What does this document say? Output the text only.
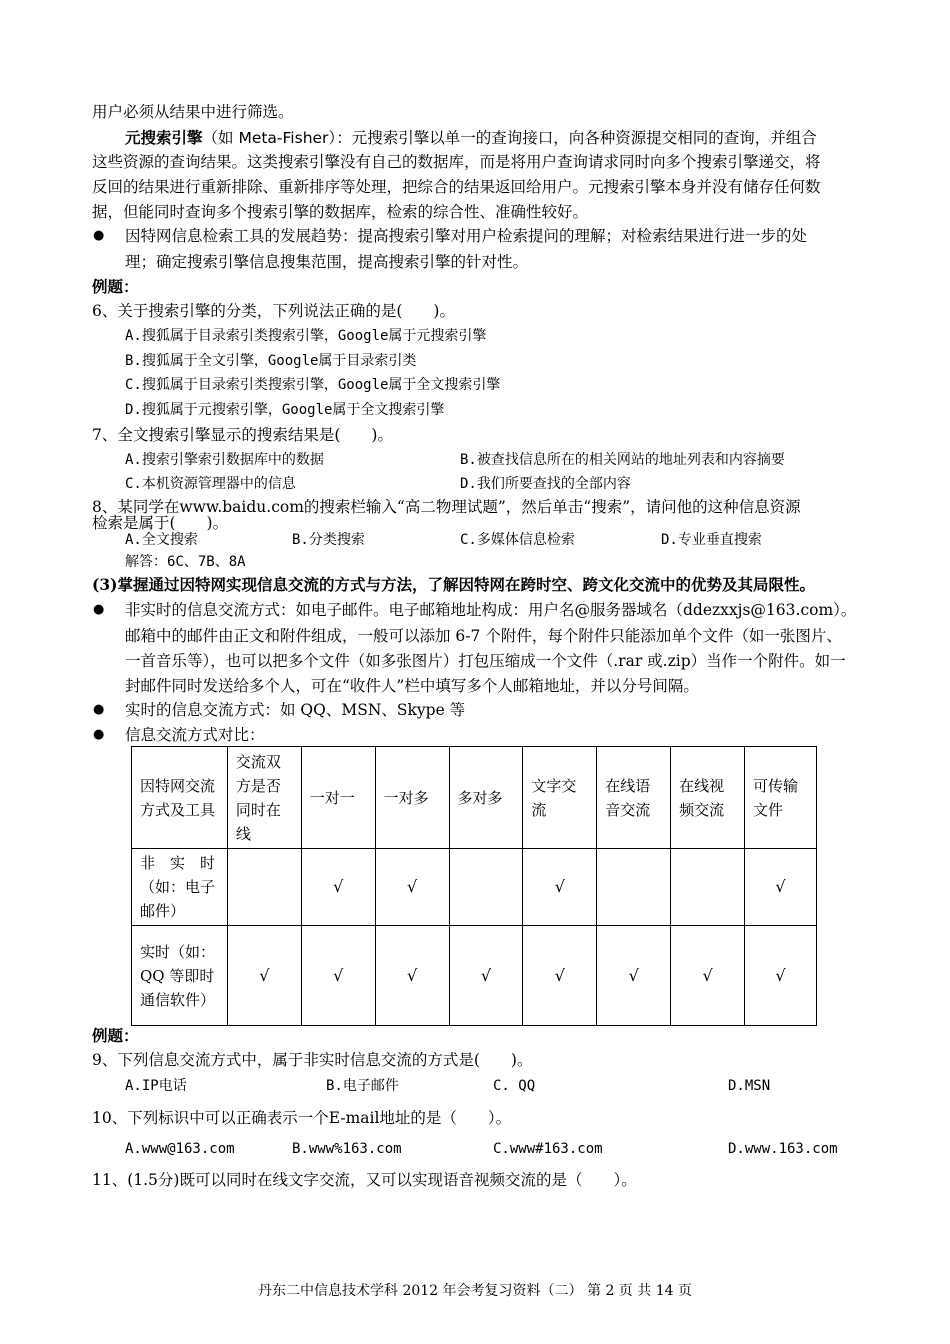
用户必须从结果中进行筛选。
元搜索引擎（如 Meta-Fisher）：元搜索引擎以单一的查询接口，向各种资源提交相同的查询，并组合
这些资源的查询结果。这类搜索引擎没有自己的数据库，而是将用户查询请求同时向多个搜索引擎递交，将
反回的结果进行重新排除、重新排序等处理，把综合的结果返回给用户。元搜索引擎本身并没有储存任何数
据，但能同时查询多个搜索引擎的数据库，检索的综合性、准确性较好。
● 因特网信息检索工具的发展趋势：提高搜索引擎对用户检索提问的理解；对检索结果进行进一步的处
理；确定搜索引擎信息搜集范围，提高搜索引擎的针对性。
例题：
6、关于搜索引擎的分类，下列说法正确的是(　　)。
A.搜狐属于目录索引类搜索引擎，Google属于元搜索引擎
B.搜狐属于全文引擎，Google属于目录索引类
C.搜狐属于目录索引类搜索引擎，Google属于全文搜索引擎
D.搜狐属于元搜索引擎，Google属于全文搜索引擎
7、全文搜索引擎显示的搜索结果是(　　)。
A.搜索引擎索引数据库中的数据	B.被查找信息所在的相关网站的地址列表和内容摘要
C.本机资源管理器中的信息	D.我们所要查找的全部内容
8、某同学在www.baidu.com的搜索栏输入“高二物理试题”，然后单击“搜索”，请问他的这种信息资源
检索是属于(　　)。
A.全文搜索	B.分类搜索	C.多媒体信息检索	D.专业垂直搜索
解答：6C、7B、8A
(3)掌握通过因特网实现信息交流的方式与方法，了解因特网在跨时空、跨文化交流中的优势及其局限性。
● 非实时的信息交流方式：如电子邮件。电子邮箱地址构成：用户名@服务器域名（ddezxxjs@163.com）。
邮箱中的邮件由正文和附件组成，一般可以添加 6-7 个附件，每个附件只能添加单个文件（如一张图片、
一首音乐等），也可以把多个文件（如多张图片）打包压缩成一个文件（.rar 或.zip）当作一个附件。如一
封邮件同时发送给多个人，可在“收件人”栏中填写多个人邮箱地址，并以分号间隔。
● 实时的信息交流方式：如 QQ、MSN、Skype 等
● 信息交流方式对比：
因特网交流方式及工具	交流双方是否同时在线	一对一	一对多	多对多	文字交流	在线语音交流	在线视频交流	可传输文件
非　实　时（如：电子邮件）		√	√		√			√
实时（如：QQ 等即时通信软件）	√	√	√	√	√	√	√	√
例题：
9、下列信息交流方式中，属于非实时信息交流的方式是(　　)。
A.IP电话	B.电子邮件	C. QQ	D.MSN
10、下列标识中可以正确表示一个E-mail地址的是（　　）。
A.www@163.com	B.www%163.com	C.www#163.com	D.www.163.com
11、(1.5分)既可以同时在线文字交流，又可以实现语音视频交流的是（　　）。
丹东二中信息技术学科 2012 年会考复习资料（二） 第 2 页 共 14 页
